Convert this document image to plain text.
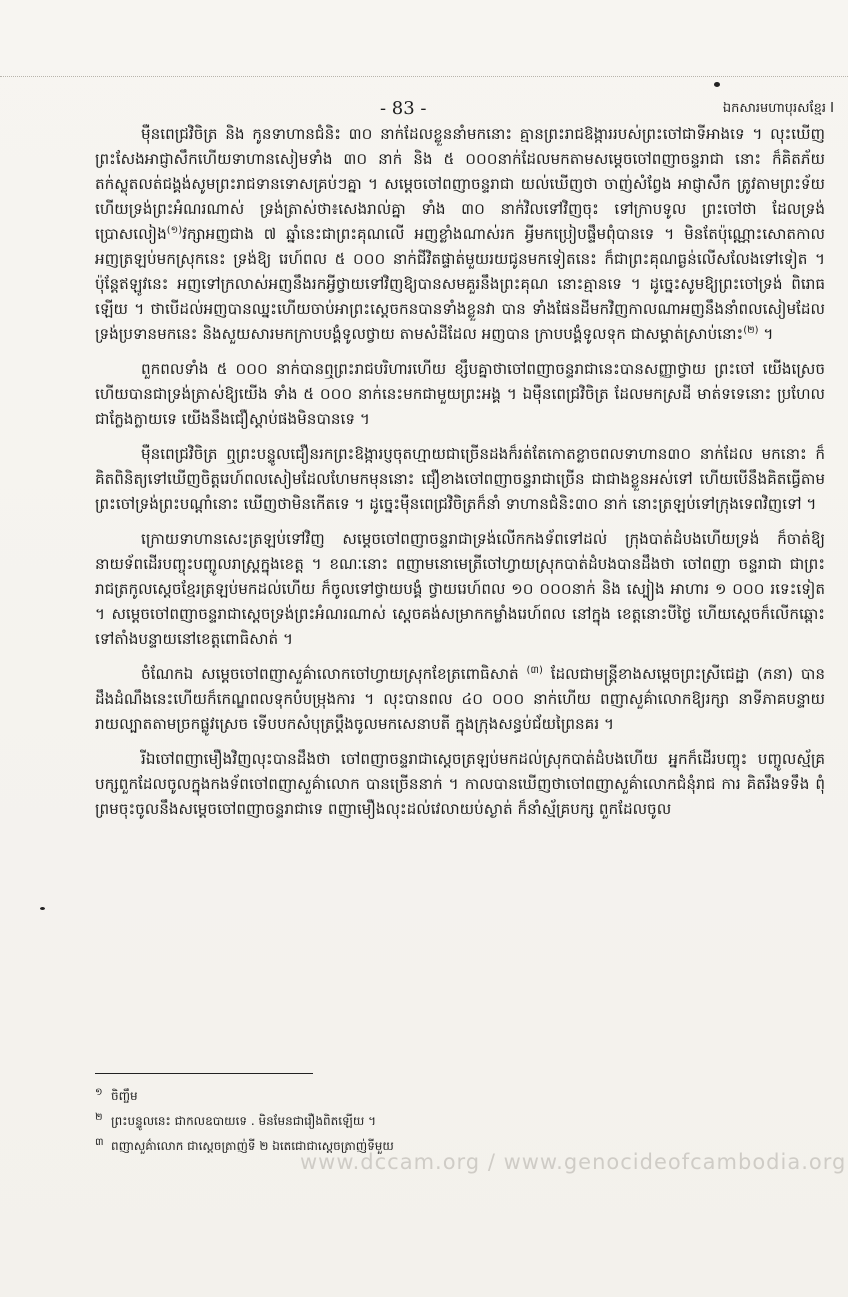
- 83 -	ឯកសារមហាបុរសខ្មែរ I

ម៉ឺនពេជ្រវិចិត្រ និង កូនទាហានជំនិះ ៣០ នាក់ដែលខ្លួននាំមកនោះ គ្មានព្រះរាជឱង្ការរបស់ព្រះចៅជាទីអាងទេ ។ លុះឃើញព្រះសែងអាជ្ញាសឹកហើយទាហានសៀមទាំង ៣០ នាក់ និង ៥ ០០០នាក់ដែលមកតាមសម្តេចចៅពញាចន្ទរាជា នោះ ក៏គិតភ័យតក់ស្លុតលត់ជង្គង់សូមព្រះរាជទានទោសគ្រប់ៗគ្នា ។ សម្តេចចៅពញាចន្ទរាជា យល់ឃើញថា ចាញ់សំព្វែង អាជ្ញាសឹក ត្រូវតាមព្រះទ័យហើយទ្រង់ព្រះអំណរណាស់ ទ្រង់ត្រាស់ថា៖សេងរាល់គ្នា ទាំង ៣០ នាក់វិលទៅវិញចុះ ទៅក្រាបទូល ព្រះចៅថា ដែលទ្រង់ប្រោសលៀង$^{(១)}$វក្សាអញជាង ៧ ឆ្នាំនេះជាព្រះគុណលើ អញខ្លាំងណាស់រក អ្វីមកប្រៀបផ្ទឹមពុំបានទេ ។ មិនតែប៉ុណ្ណោះសោតកាល អញត្រឡប់មកស្រុកនេះ ទ្រង់ឱ្យ រេហ៍ពល ៥ ០០០ នាក់ជីវិតផ្ទាត់មួយរយជូនមកទៀតនេះ ក៏ជាព្រះគុណធ្ងន់លើសលែងទៅទៀត ។ ប៉ុន្តែឥឡូវនេះ អញទៅក្រលាស់អញនឹងរកអ្វីថ្វាយទៅវិញឱ្យបានសមគួរនឹងព្រះគុណ នោះគ្មានទេ ។ ដូច្នេះសូមឱ្យព្រះចៅទ្រង់ ពិរោធឡើយ ។ ថាបើដល់អញបានឈ្នះហើយចាប់អាព្រះស្តេចកនបានទាំងខ្លួនវា បាន ទាំងផែនដីមកវិញកាលណាអញនឹងនាំពលសៀមដែលទ្រង់ប្រទានមកនេះ និងសួយសារមកក្រាបបង្គំទូលថ្វាយ តាមសំដីដែល អញបាន ក្រាបបង្គំទូលទុក ជាសម្គាត់ស្រាប់នោះ$^{(២)}$ ។

ពួកពលទាំង ៥ ០០០ នាក់បានឮព្រះរាជបរិហារហើយ ខ្សឹបគ្នាថាចៅពញាចន្ទរាជានេះបានសញ្ញាថ្វាយ ព្រះចៅ យើងស្រេចហើយបានជាទ្រង់ត្រាស់ឱ្យយើង ទាំង ៥ ០០០ នាក់នេះមកជាមួយព្រះអង្គ ។ ឯម៉ឺនពេជ្រវិចិត្រ ដែលមកស្រដី មាត់ទទេនោះ ប្រហែលជាក្លែងក្លាយទេ យើងនឹងជឿស្តាប់ផងមិនបានទេ ។

ម៉ឺនពេជ្រវិចិត្រ ឮព្រះបន្ទូលជឿនរកព្រះឱង្ការប្ញចុតហ្មាយជាច្រើនដងក៏រត់តែកោតខ្លាចពលទាហាន៣០ នាក់ដែល មកនោះ ក៏គិតពិនិត្យទៅឃើញចិត្តរេហ៍ពលសៀមដែលហែមកមុននោះ ជឿខាងចៅពញាចន្ទរាជាច្រើន ជាជាងខ្លួនអស់ទៅ ហើយបើនឹងគិតធ្វើតាមព្រះចៅទ្រង់ព្រះបណ្តាំនោះ ឃើញថាមិនកើតទេ ។ ដូច្នេះម៉ឺនពេជ្រវិចិត្រក៏នាំ ទាហានជំនិះ៣០ នាក់ នោះត្រឡប់ទៅក្រុងទេពវិញទៅ ។

ក្រោយទាហានសេះត្រឡប់ទៅវិញ សម្តេចចៅពញាចន្ទរាជាទ្រង់លើកកងទ័ពទៅដល់ ក្រុងបាត់ដំបងហើយទ្រង់ ក៏ចាត់ឱ្យនាយទ័ពដើរបញ្ចុះបញ្ចូលរាស្ត្រក្នុងខេត្ត ។ ខណៈនោះ ពញាមនោមេត្រីចៅហ្វាយស្រុកបាត់ដំបងបានដឹងថា ចៅពញា ចន្ទរាជា ជាព្រះរាជត្រកូលស្តេចខ្មែរត្រឡប់មកដល់ហើយ ក៏ចូលទៅថ្វាយបង្គំ ថ្វាយរេហ៍ពល ១០ ០០០នាក់ និង ស្បៀង អាហារ ១ ០០០ រទេះទៀត ។ សម្តេចចៅពញាចន្ទរាជាស្តេចទ្រង់ព្រះអំណរណាស់ ស្តេចគង់សម្រាកកម្លាំងរេហ៍ពល នៅក្នុង ខេត្តនោះបីថ្ងៃ ហើយស្តេចក៏លើកឆ្ពោះទៅតាំងបន្ទាយនៅខេត្តពោធិសាត់ ។

ចំណែកឯ សម្តេចចៅពញាសួគ៌ាលោកចៅហ្វាយស្រុកខែត្រពោធិសាត់ $^{(៣)}$ ដែលជាមន្ត្រីខាងសម្តេចព្រះស្រីជេដ្ឋា (ភនា) បាន ដឹងដំណឹងនេះហើយក៏កេណ្ឌពលទុកបំបម្រុងការ ។ លុះបានពល ៤០ ០០០ នាក់ហើយ ពញាសួគ៌ាលោកឱ្យរក្សា នាទីភាគបន្ទាយ រាយល្បាតតាមច្រកផ្លូវស្រេច ទើបបកសំបុត្រប្តឹងចូលមកសេនាបតី ក្នុងក្រុងសន្ធប់ជ័យព្រៃនគរ ។

រីឯចៅពញាមឿងវិញលុះបានដឹងថា ចៅពញាចន្ទរាជាស្តេចត្រឡប់មកដល់ស្រុកបាត់ដំបងហើយ អ្នកក៏ដើរបញ្ចុះ បញ្ចូលស្ម័គ្របក្សពួកដែលចូលក្នុងកងទ័ពចៅពញាសួគ៌ាលោក បានច្រើននាក់ ។ កាលបានឃើញថាចៅពញាសួគ៌ាលោកជំនុំរាជ ការ គិតរឹងទទឹង ពុំព្រមចុះចូលនឹងសម្តេចចៅពញាចន្ទរាជាទេ ពញាមឿងលុះដល់វេលាយប់ស្ងាត់ ក៏នាំស្ម័គ្របក្ស ពួកដែលចូល

១ ចិញ្ចឹម
២ ព្រះបន្ទូលនេះ ជាកលឧបាយទេ . មិនមែនជារឿងពិតឡើយ ។
៣ ពញាសួគ៌ាលោក ជាស្តេចត្រាញ់ទី ២ ឯតេជោជាស្តេចត្រាញ់ទីមួយ
www.dccam.org / www.genocideofcambodia.org
